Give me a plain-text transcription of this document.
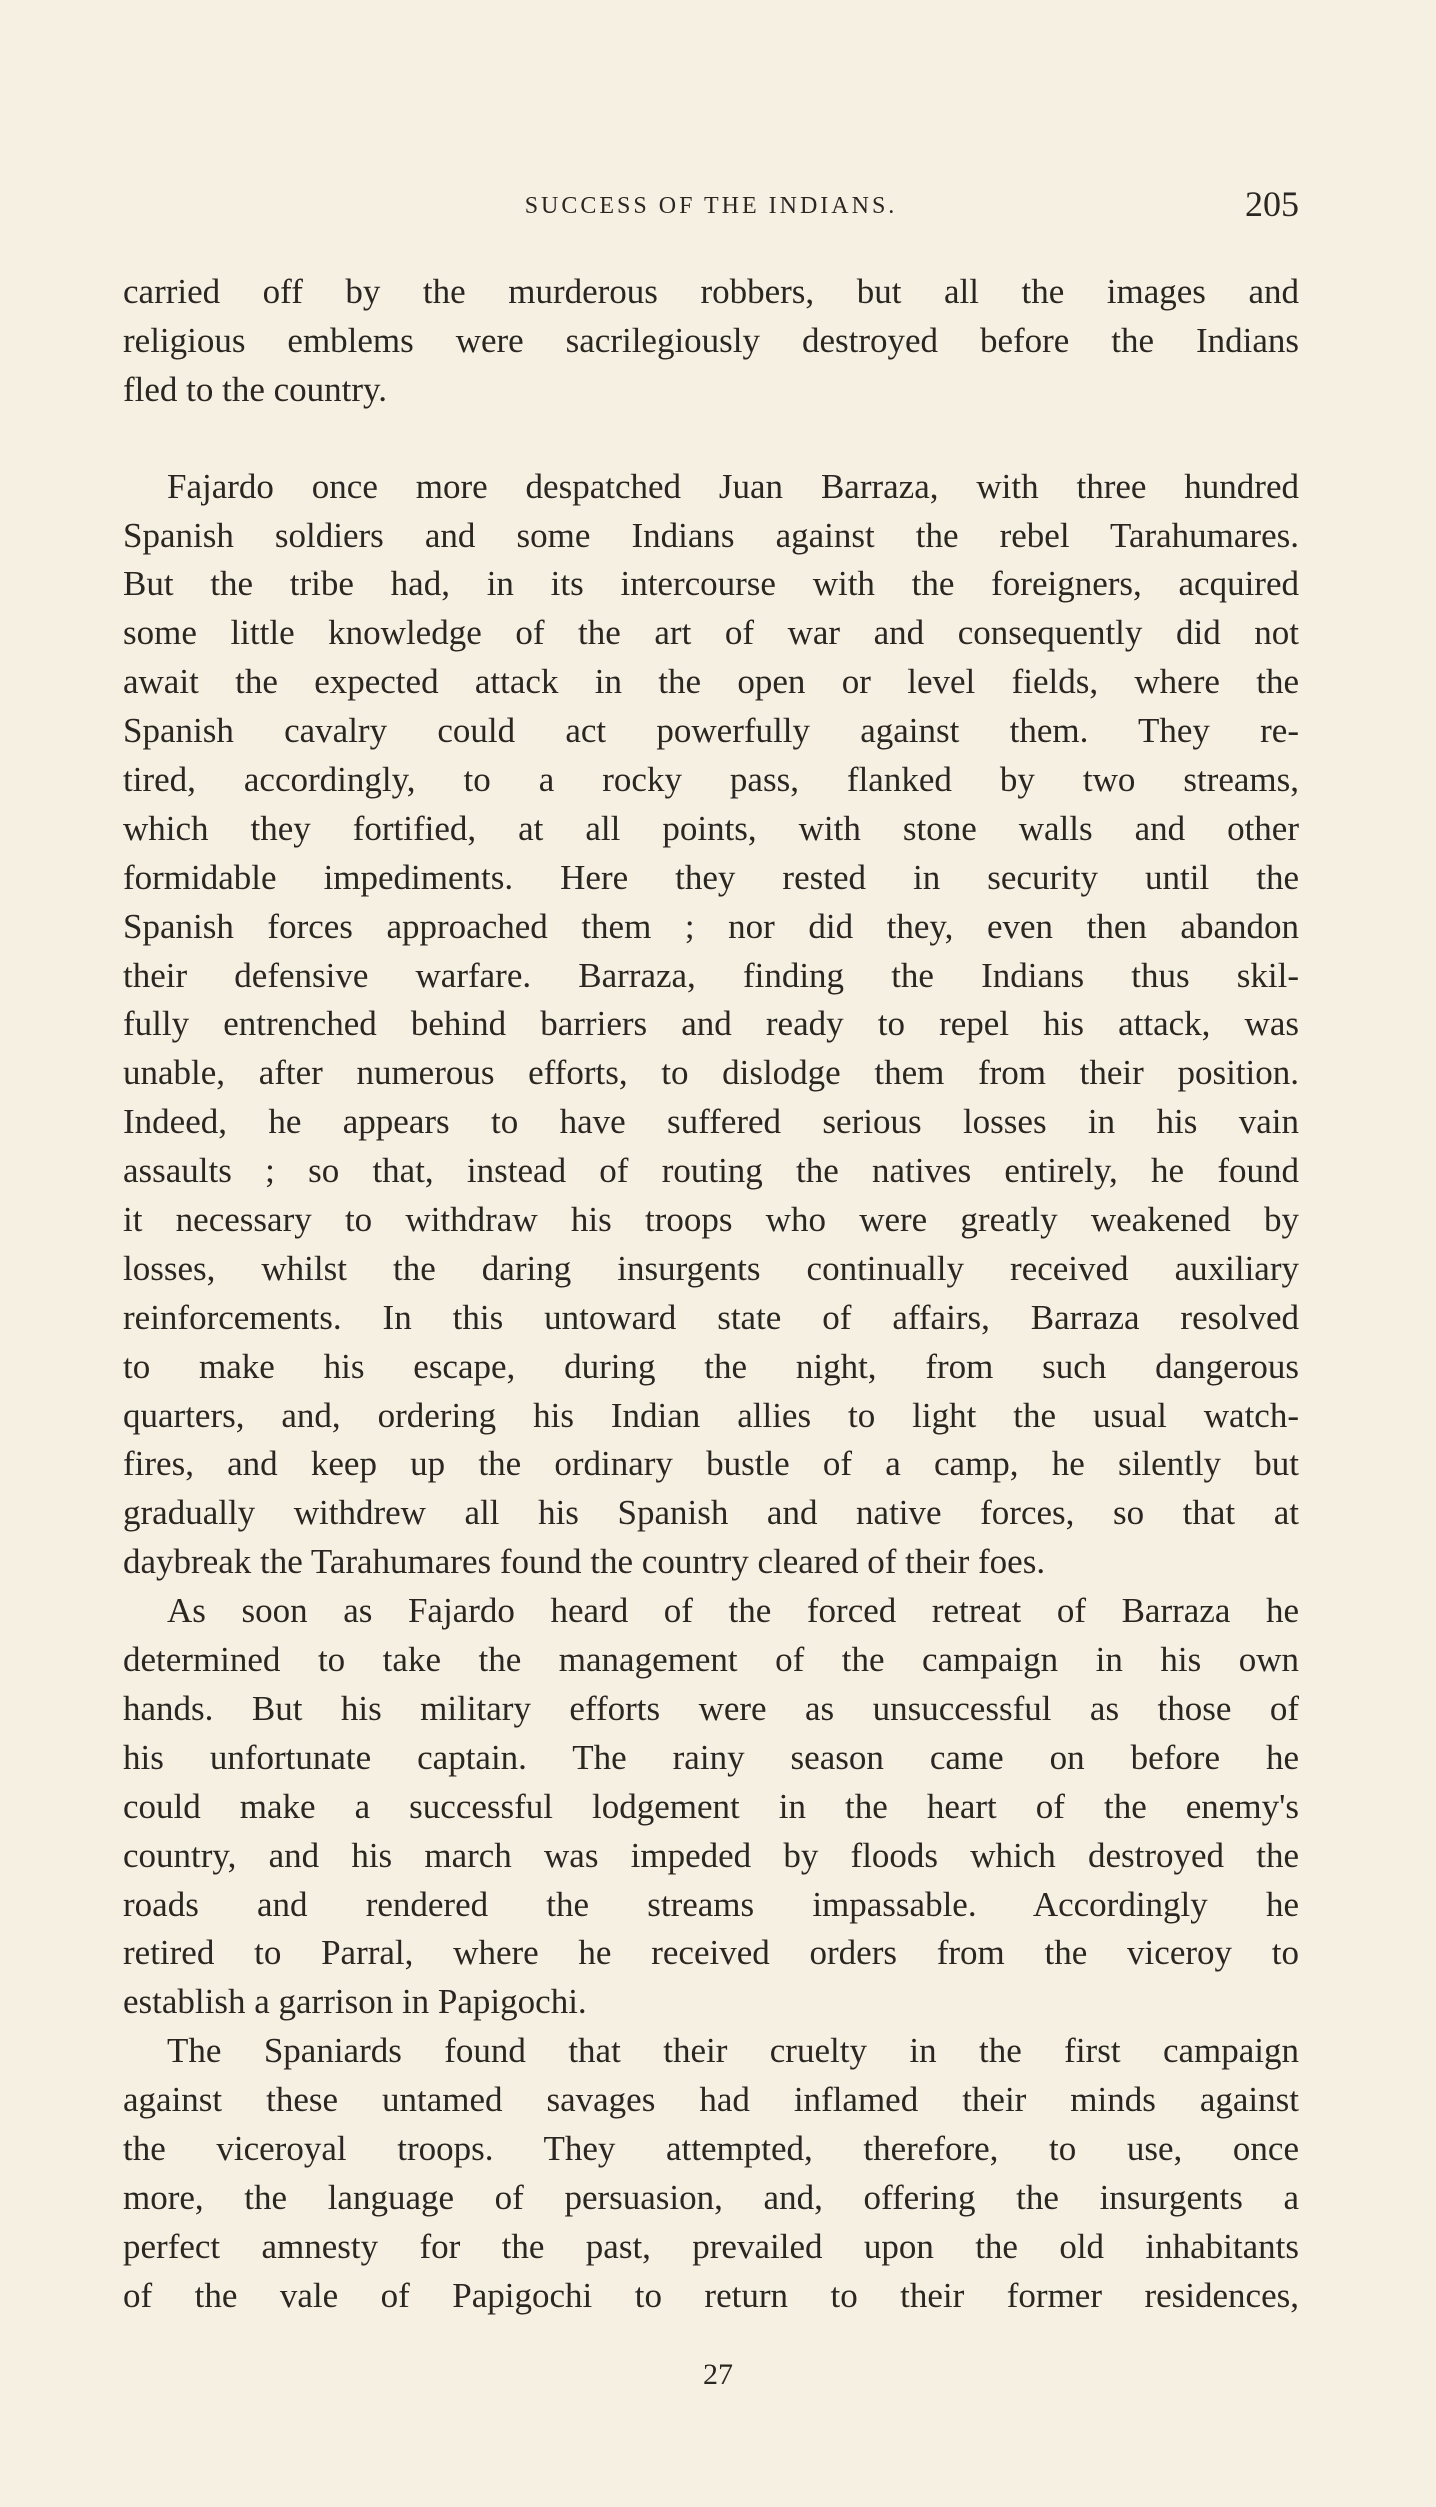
SUCCESS OF THE INDIANS.	205
carried off by the murderous robbers, but all the images and
religious emblems were sacrilegiously destroyed before the Indians
fled to the country.
Fajardo once more despatched Juan Barraza, with three hundred
Spanish soldiers and some Indians against the rebel Tarahumares.
But the tribe had, in its intercourse with the foreigners, acquired
some little knowledge of the art of war and consequently did not
await the expected attack in the open or level fields, where the
Spanish cavalry could act powerfully against them. They re-
tired, accordingly, to a rocky pass, flanked by two streams,
which they fortified, at all points, with stone walls and other
formidable impediments. Here they rested in security until the
Spanish forces approached them ; nor did they, even then abandon
their defensive warfare. Barraza, finding the Indians thus skil-
fully entrenched behind barriers and ready to repel his attack, was
unable, after numerous efforts, to dislodge them from their position.
Indeed, he appears to have suffered serious losses in his vain
assaults ; so that, instead of routing the natives entirely, he found
it necessary to withdraw his troops who were greatly weakened by
losses, whilst the daring insurgents continually received auxiliary
reinforcements. In this untoward state of affairs, Barraza resolved
to make his escape, during the night, from such dangerous
quarters, and, ordering his Indian allies to light the usual watch-
fires, and keep up the ordinary bustle of a camp, he silently but
gradually withdrew all his Spanish and native forces, so that at
daybreak the Tarahumares found the country cleared of their foes.
As soon as Fajardo heard of the forced retreat of Barraza he
determined to take the management of the campaign in his own
hands. But his military efforts were as unsuccessful as those of
his unfortunate captain. The rainy season came on before he
could make a successful lodgement in the heart of the enemy's
country, and his march was impeded by floods which destroyed the
roads and rendered the streams impassable. Accordingly he
retired to Parral, where he received orders from the viceroy to
establish a garrison in Papigochi.
The Spaniards found that their cruelty in the first campaign
against these untamed savages had inflamed their minds against
the viceroyal troops. They attempted, therefore, to use, once
more, the language of persuasion, and, offering the insurgents a
perfect amnesty for the past, prevailed upon the old inhabitants
of the vale of Papigochi to return to their former residences,
27
